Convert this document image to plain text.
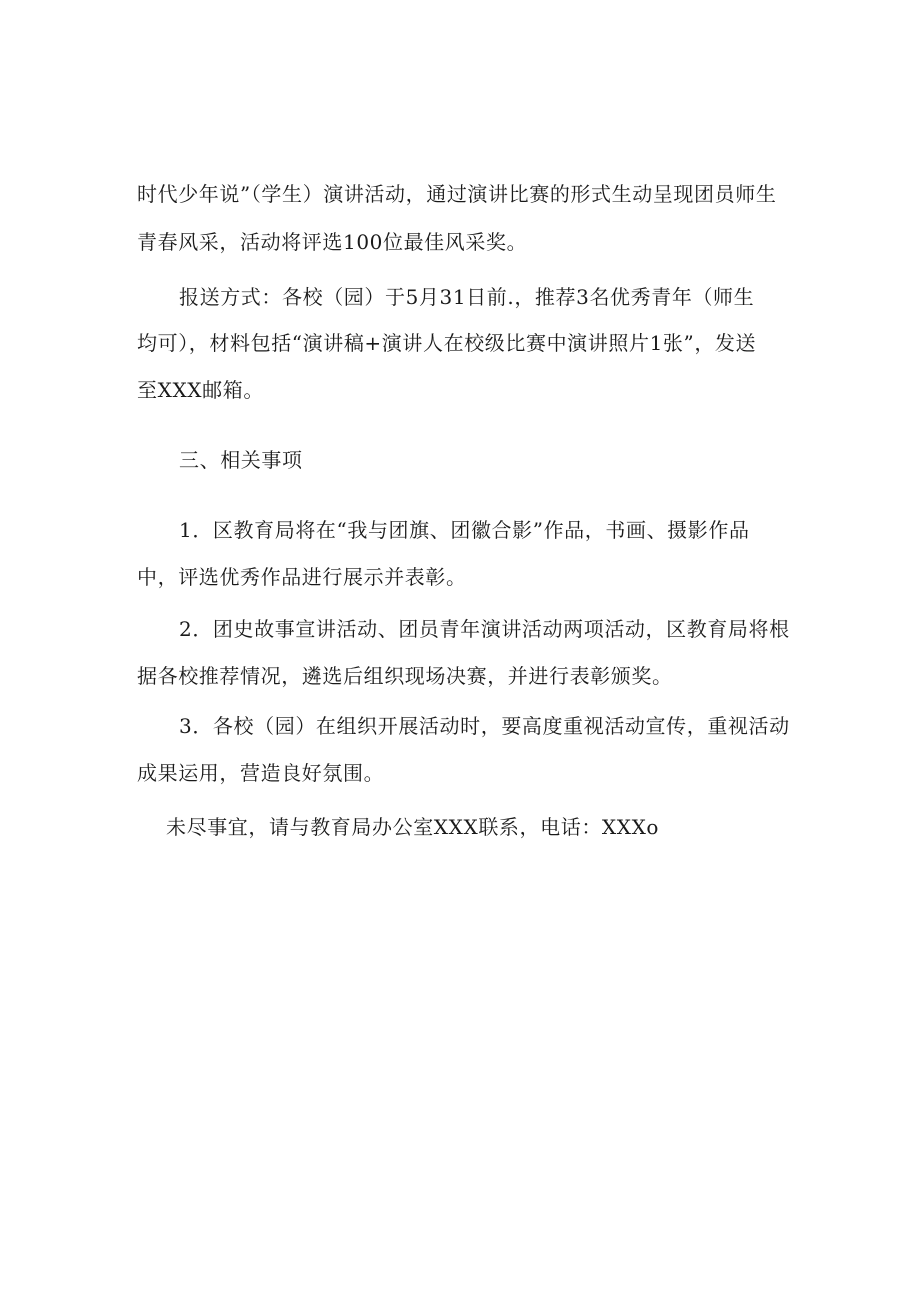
时代少年说”（学生）演讲活动，通过演讲比赛的形式生动呈现团员师生
青春风采，活动将评选100位最佳风采奖。
报送方式：各校（园）于5月31日前.，推荐3名优秀青年（师生
均可），材料包括“演讲稿+演讲人在校级比赛中演讲照片1张”，发送
至XXX邮箱。
三、相关事项
1．区教育局将在“我与团旗、团徽合影”作品，书画、摄影作品
中，评选优秀作品进行展示并表彰。
2．团史故事宣讲活动、团员青年演讲活动两项活动，区教育局将根
据各校推荐情况，遴选后组织现场决赛，并进行表彰颁奖。
3．各校（园）在组织开展活动时，要高度重视活动宣传，重视活动
成果运用，营造良好氛围。
未尽事宜，请与教育局办公室XXX联系，电话：XXXo
